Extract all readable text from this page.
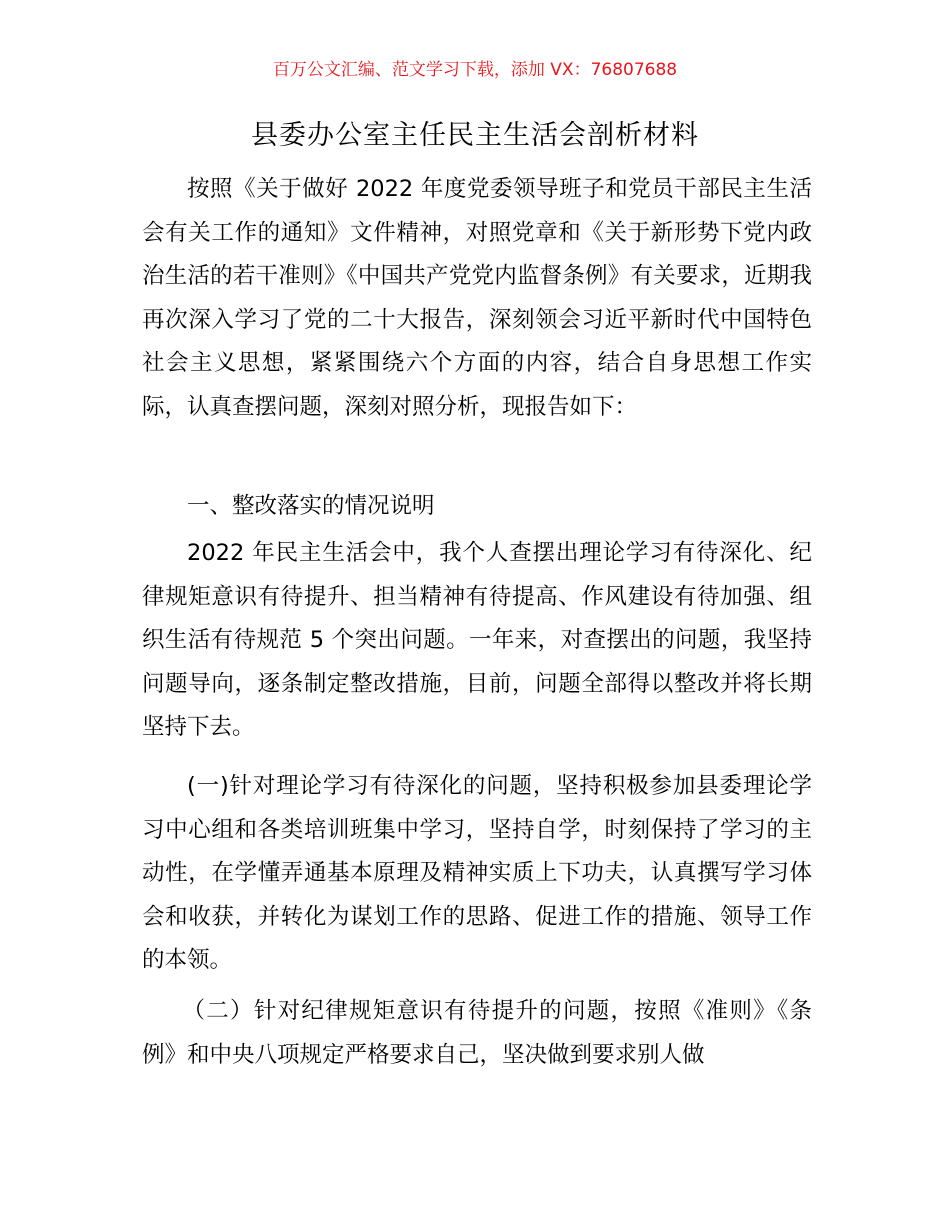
百万公文汇编、范文学习下载，添加 VX：76807688
县委办公室主任民主生活会剖析材料

按照《关于做好 2022 年度党委领导班子和党员干部民主生活会有关工作的通知》文件精神，对照党章和《关于新形势下党内政治生活的若干准则》《中国共产党党内监督条例》有关要求，近期我再次深入学习了党的二十大报告，深刻领会习近平新时代中国特色社会主义思想，紧紧围绕六个方面的内容，结合自身思想工作实际，认真查摆问题，深刻对照分析，现报告如下：

一、整改落实的情况说明

2022 年民主生活会中，我个人查摆出理论学习有待深化、纪律规矩意识有待提升、担当精神有待提高、作风建设有待加强、组织生活有待规范 5 个突出问题。一年来，对查摆出的问题，我坚持问题导向，逐条制定整改措施，目前，问题全部得以整改并将长期坚持下去。

(一)针对理论学习有待深化的问题，坚持积极参加县委理论学习中心组和各类培训班集中学习，坚持自学，时刻保持了学习的主动性，在学懂弄通基本原理及精神实质上下功夫，认真撰写学习体会和收获，并转化为谋划工作的思路、促进工作的措施、领导工作的本领。

（二）针对纪律规矩意识有待提升的问题，按照《准则》《条例》和中央八项规定严格要求自己，坚决做到要求别人做
